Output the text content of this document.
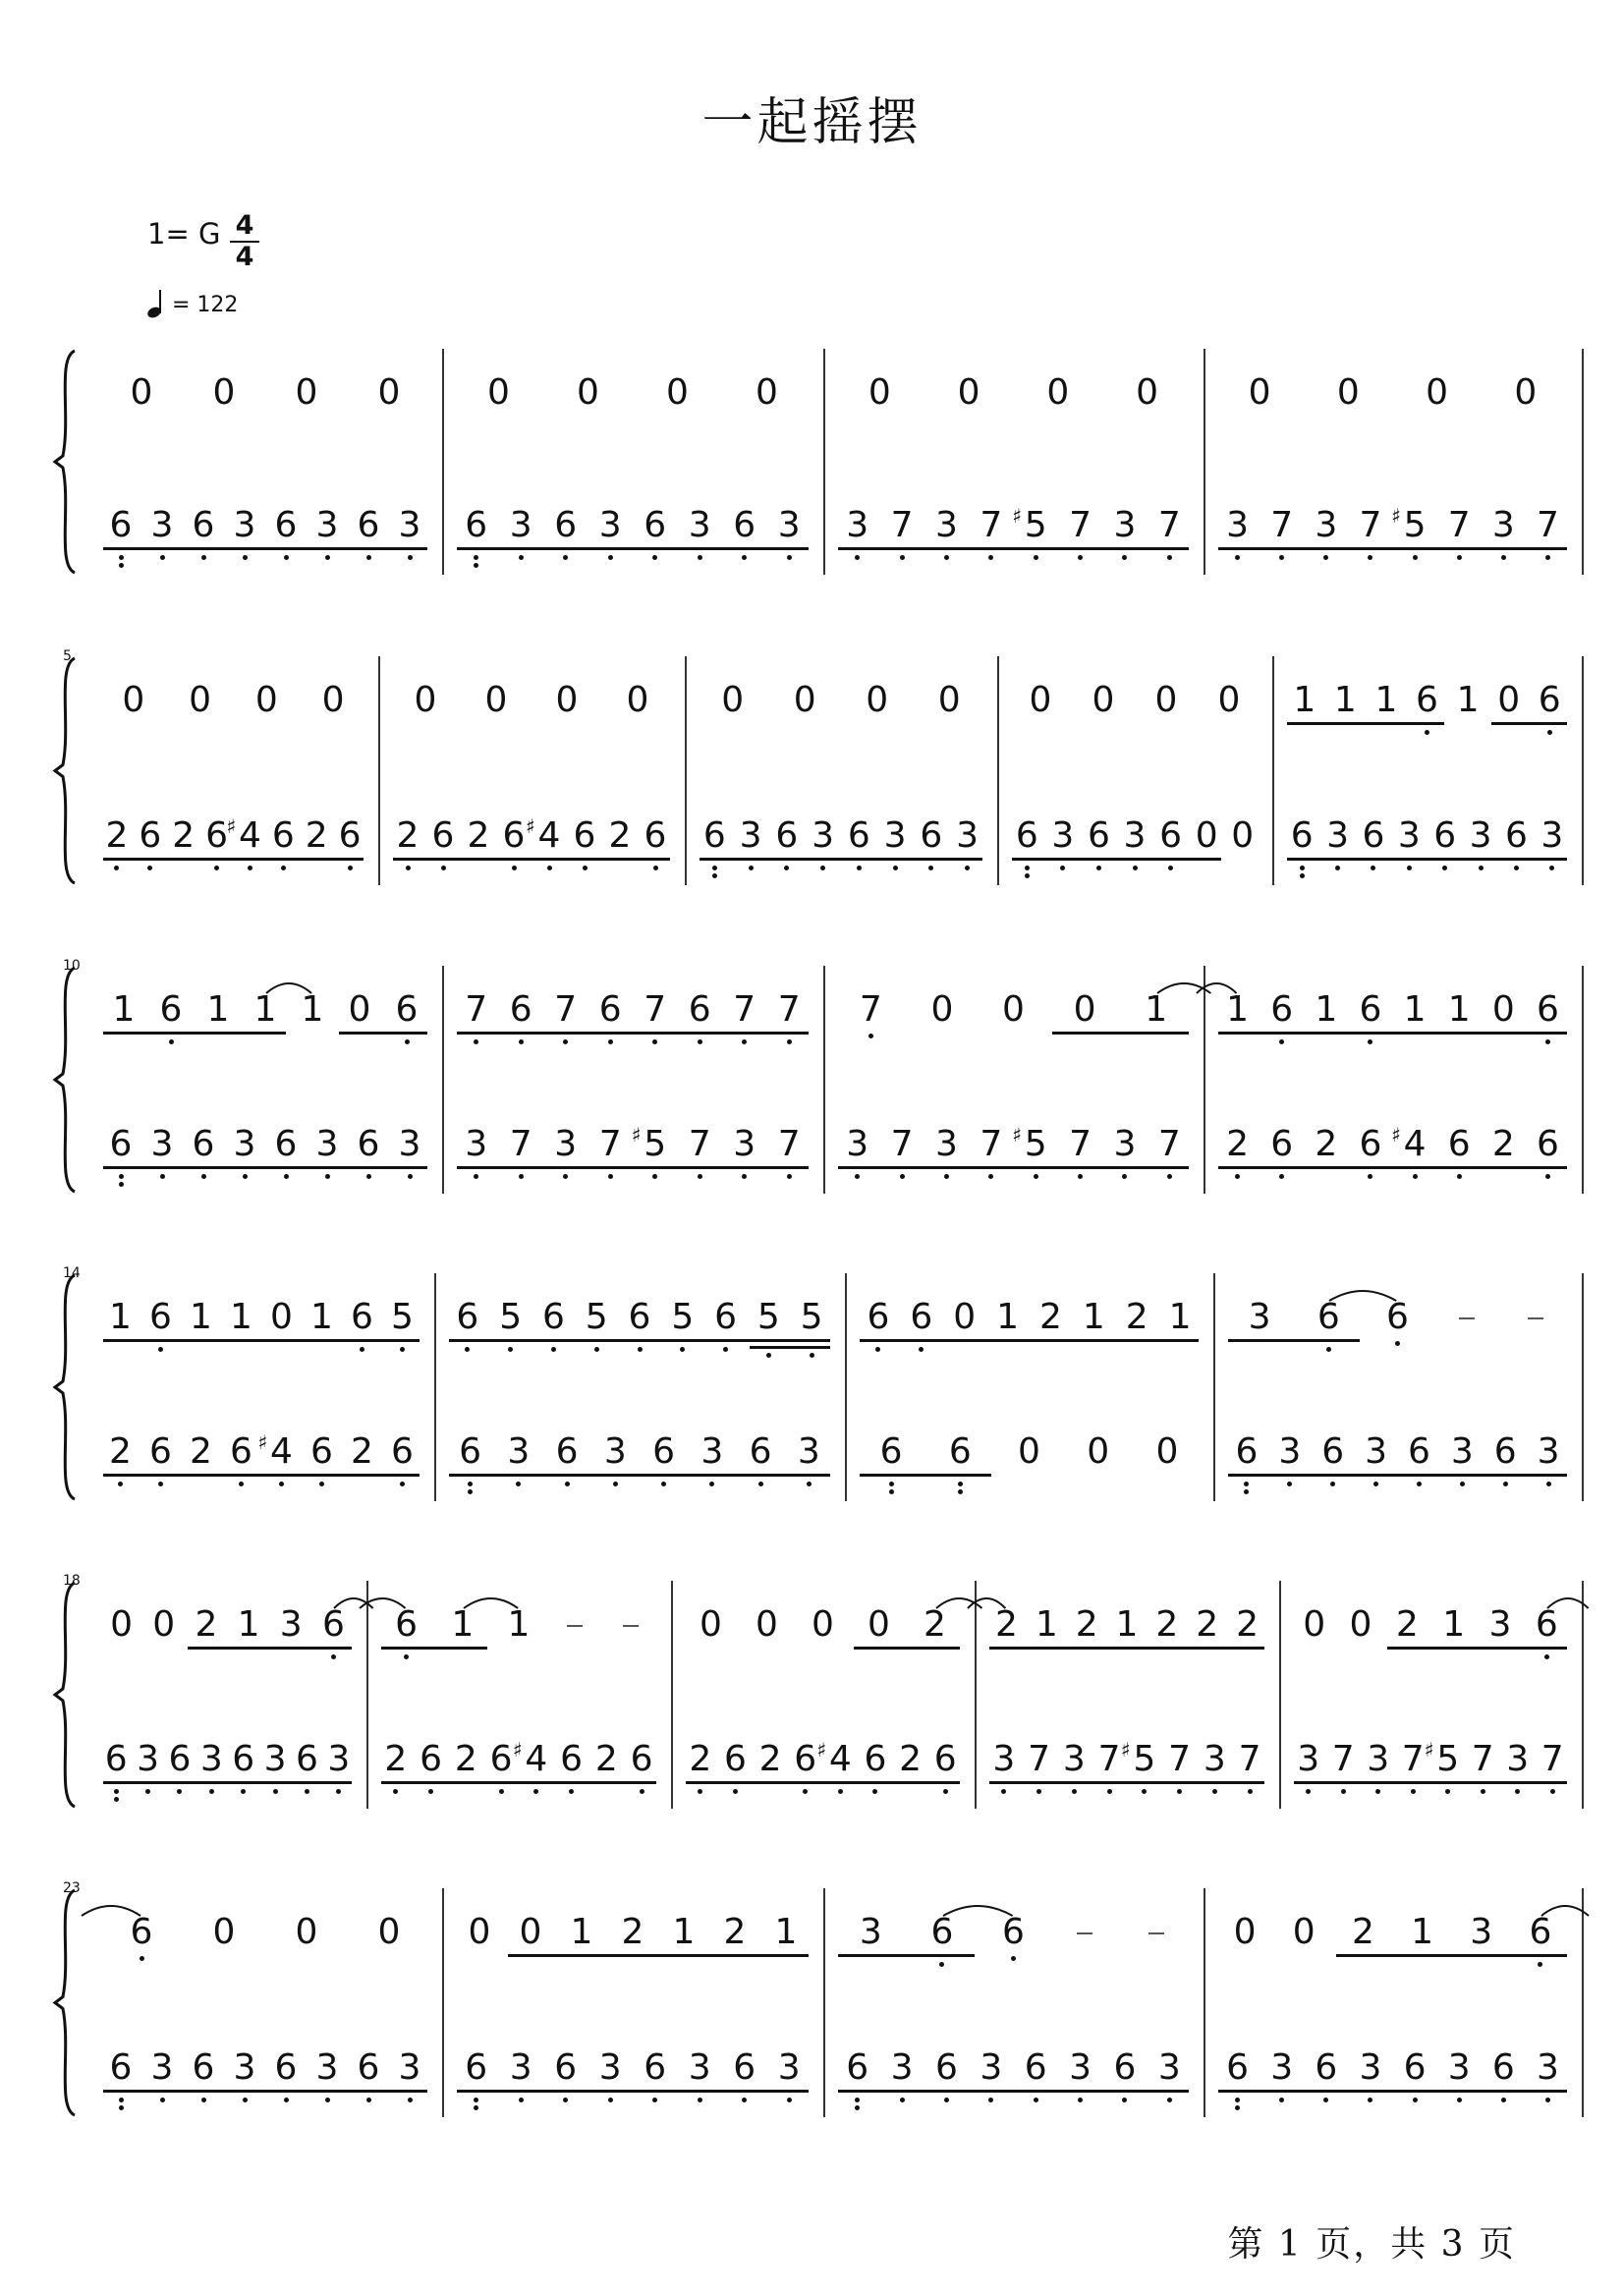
一起摇摆
1= G $\frac{4}{4}$
= 122
0 0 0 0
6 3 6 3 6 3 6 3
0 0 0 0
6 3 6 3 6 3 6 3
0 0 0 0
3 7 3 7 5
♯ 7 3 7
0 0 0 0
3 7 3 7 5
♯ 7 3 7
5
0 0 0 0
2 6 2 6 4
♯ 6 2 6
0 0 0 0
2 6 2 6 4
♯ 6 2 6
0 0 0 0
6 3 6 3 6 3 6 3
0 0 0 0
6 3 6 3 6 0 0
1 1 1 6 1 0 6
6 3 6 3 6 3 6 3
10
1 6 1 1 1 0 6
6 3 6 3 6 3 6 3
7 6 7 6 7 6 7 7
3 7 3 7 5
♯ 7 3 7
7 0 0 0 1
3 7 3 7 5
♯ 7 3 7
1 6 1 6 1 1 0 6
2 6 2 6 4
♯ 6 2 6
14
1 6 1 1 0 1 6 5
2 6 2 6 4
♯ 6 2 6
6 5 6 5 6 5 6 5 5
6 3 6 3 6 3 6 3
6 6 0 1 2 1 2 1
6 6 0 0 0
3 6 6
6 3 6 3 6 3 6 3
18
0 0 2 1 3 6
6 3 6 3 6 3 6 3
6 1 1
2 6 2 6 4
♯ 6 2 6
0 0 0 0 2
2 6 2 6 4
♯ 6 2 6
2 1 2 1 2 2 2
3 7 3 7 5
♯ 7 3 7
0 0 2 1 3 6
3 7 3 7 5
♯ 7 3 7
23
6 0 0 0
6 3 6 3 6 3 6 3
0 0 1 2 1 2 1
6 3 6 3 6 3 6 3
3 6 6
6 3 6 3 6 3 6 3
0 0 2 1 3 6
6 3 6 3 6 3 6 3
第 1 页，共 3 页
